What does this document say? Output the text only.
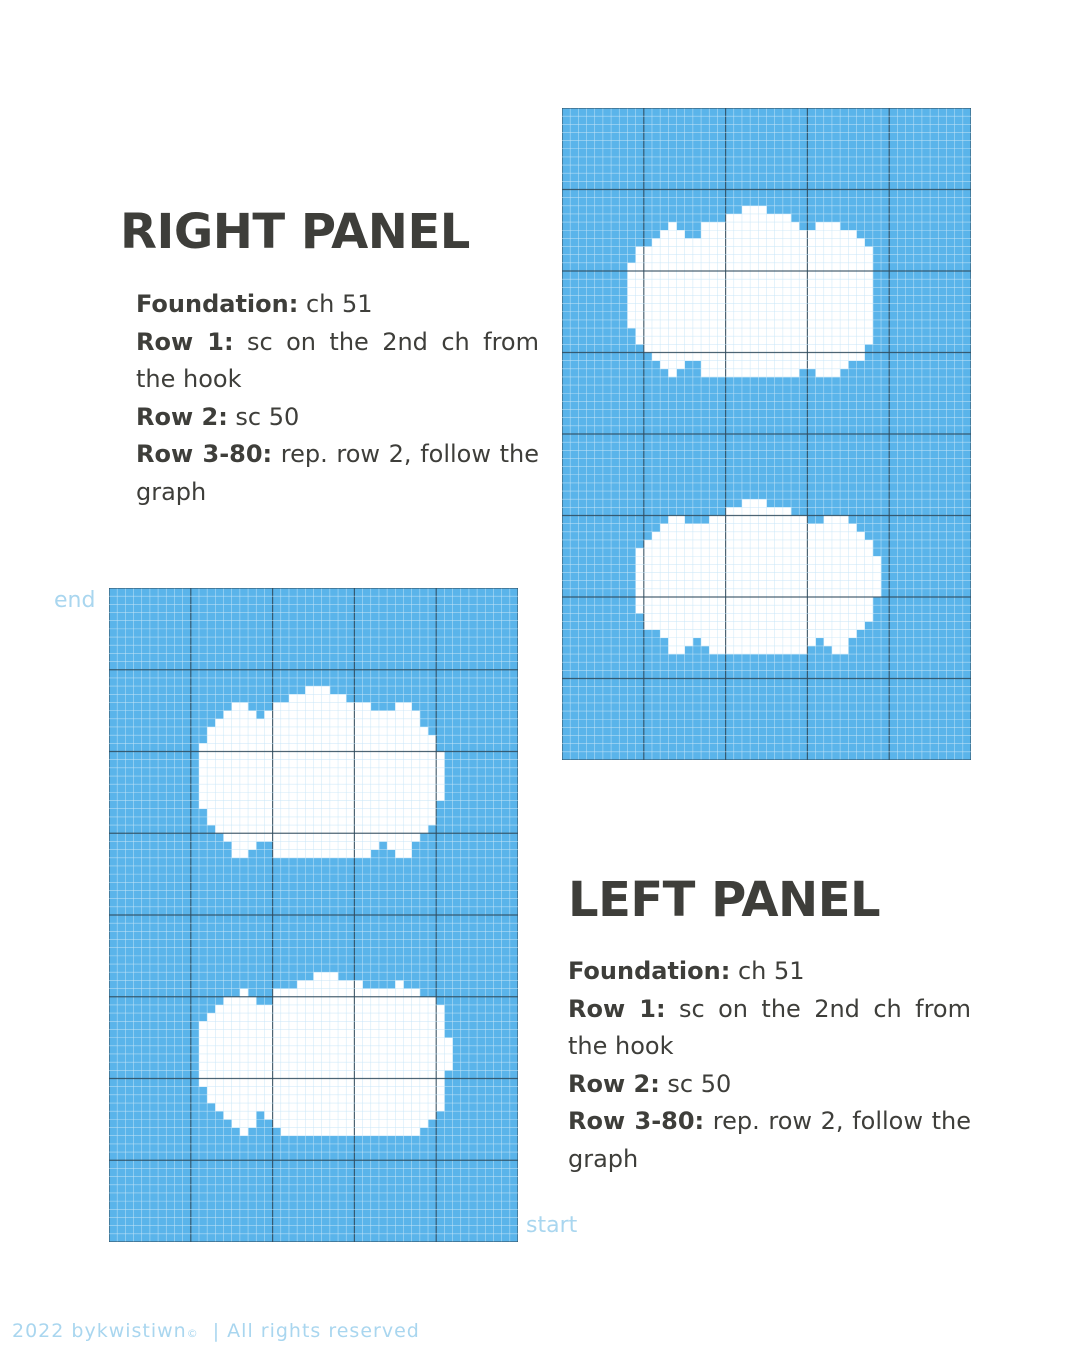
RIGHT PANEL

Foundation: ch 51

Row 1: sc on the 2nd ch from the hook

Row 2: sc 50

Row 3-80: rep. row 2, follow the graph

end
start
LEFT PANEL

Foundation: ch 51

Row 1: sc on the 2nd ch from the hook

Row 2: sc 50

Row 3-80: rep. row 2, follow the graph

2022 bykwistiwn© | All rights reserved
